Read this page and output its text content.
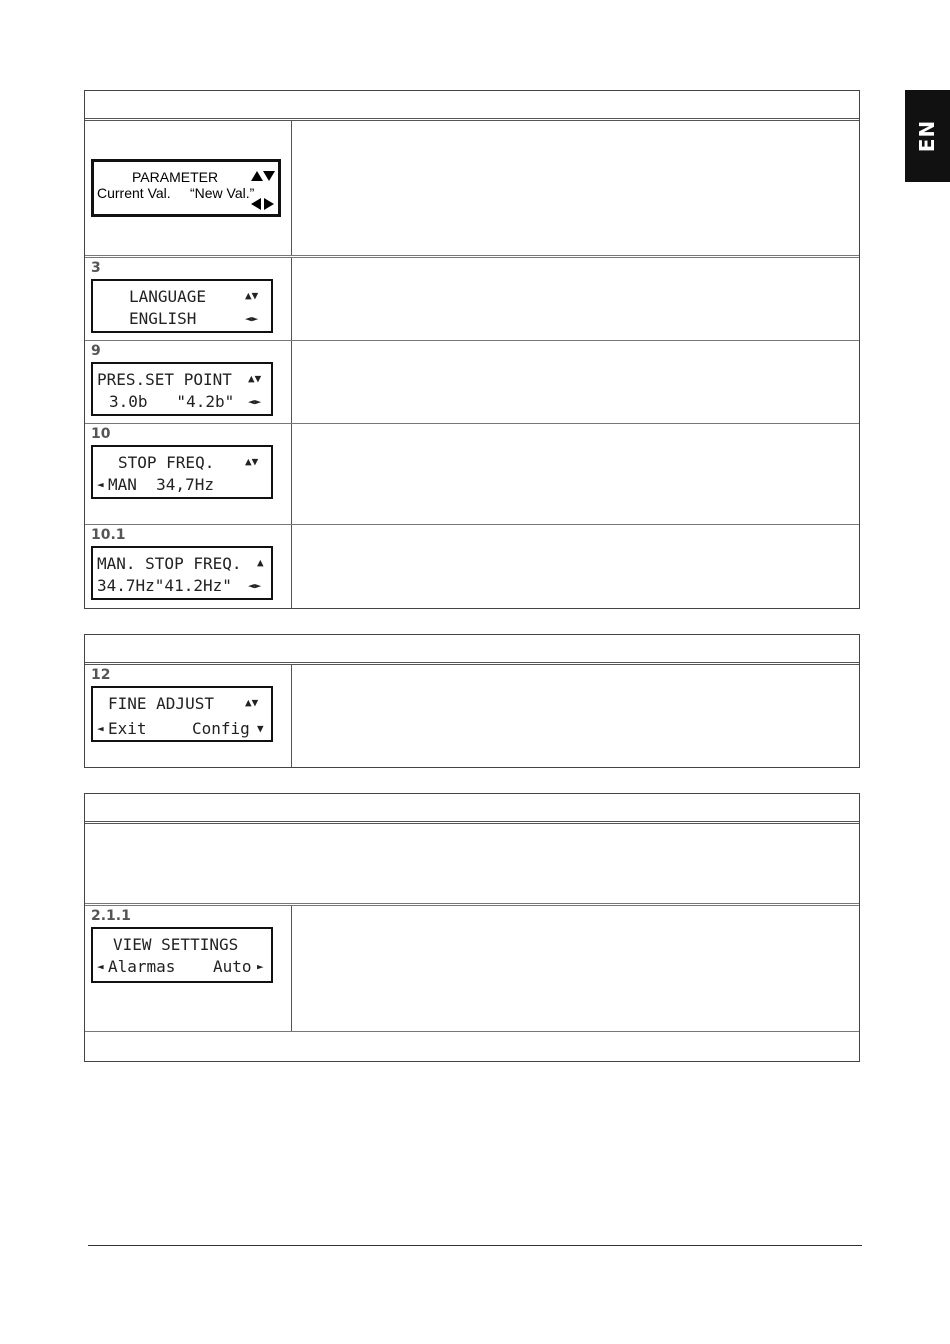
EN
PARAMETER
Current Val. “New Val.”
3
LANGUAGE
ENGLISH
▲▼
◄►
9
PRES.SET POINT
3.0b   "4.2b"
▲▼
◄►
10
STOP FREQ.
◄ MAN  34,7Hz
▲▼
10.1
MAN. STOP FREQ.
34.7Hz"41.2Hz"
▲
◄►
12
FINE ADJUST
◄ Exit	Config
▲▼
▼
2.1.1
VIEW SETTINGS
◄ Alarmas Auto ►
